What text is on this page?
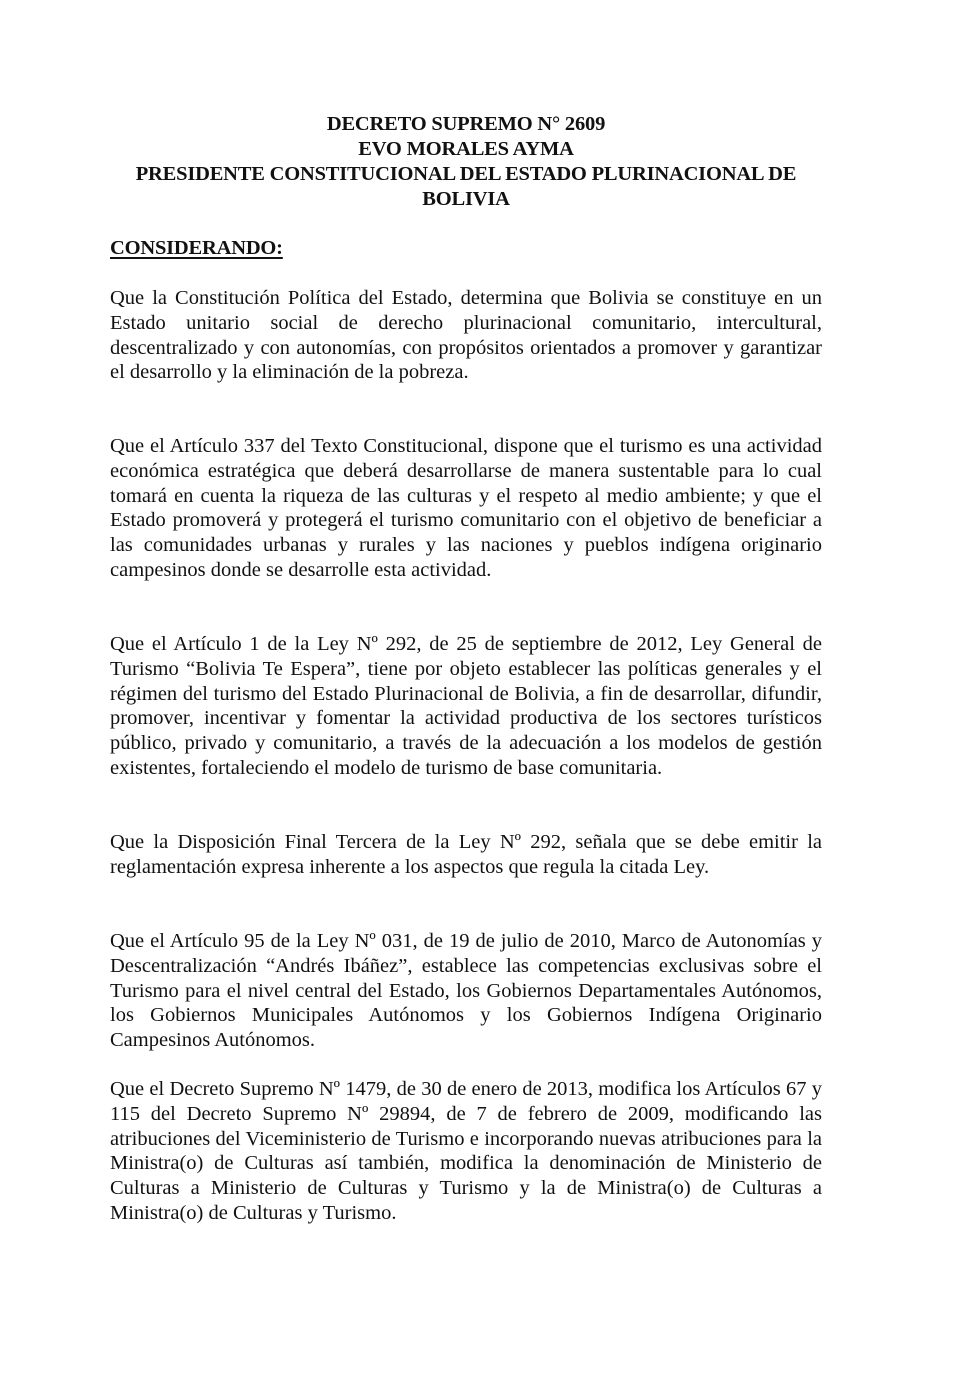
DECRETO SUPREMO N° 2609
EVO MORALES AYMA
PRESIDENTE CONSTITUCIONAL DEL ESTADO PLURINACIONAL DE
BOLIVIA
CONSIDERANDO:

Que la Constitución Política del Estado, determina que Bolivia se constituye en un Estado unitario social de derecho plurinacional comunitario, intercultural, descentralizado y con autonomías, con propósitos orientados a promover y garantizar el desarrollo y la eliminación de la pobreza.

Que el Artículo 337 del Texto Constitucional, dispone que el turismo es una actividad económica estratégica que deberá desarrollarse de manera sustentable para lo cual tomará en cuenta la riqueza de las culturas y el respeto al medio ambiente; y que el Estado promoverá y protegerá el turismo comunitario con el objetivo de beneficiar a las comunidades urbanas y rurales y las naciones y pueblos indígena originario campesinos donde se desarrolle esta actividad.

Que el Artículo 1 de la Ley Nº 292, de 25 de septiembre de 2012, Ley General de Turismo “Bolivia Te Espera”, tiene por objeto establecer las políticas generales y el régimen del turismo del Estado Plurinacional de Bolivia, a fin de desarrollar, difundir, promover, incentivar y fomentar la actividad productiva de los sectores turísticos público, privado y comunitario, a través de la adecuación a los modelos de gestión existentes, fortaleciendo el modelo de turismo de base comunitaria.

Que la Disposición Final Tercera de la Ley Nº 292, señala que se debe emitir la reglamentación expresa inherente a los aspectos que regula la citada Ley.

Que el Artículo 95 de la Ley Nº 031, de 19 de julio de 2010, Marco de Autonomías y Descentralización “Andrés Ibáñez”, establece las competencias exclusivas sobre el Turismo para el nivel central del Estado, los Gobiernos Departamentales Autónomos, los Gobiernos Municipales Autónomos y los Gobiernos Indígena Originario Campesinos Autónomos.

Que el Decreto Supremo Nº 1479, de 30 de enero de 2013, modifica los Artículos 67 y 115 del Decreto Supremo Nº 29894, de 7 de febrero de 2009, modificando las atribuciones del Viceministerio de Turismo e incorporando nuevas atribuciones para la Ministra(o) de Culturas así también, modifica la denominación de Ministerio de Culturas a Ministerio de Culturas y Turismo y la de Ministra(o) de Culturas a Ministra(o) de Culturas y Turismo.
